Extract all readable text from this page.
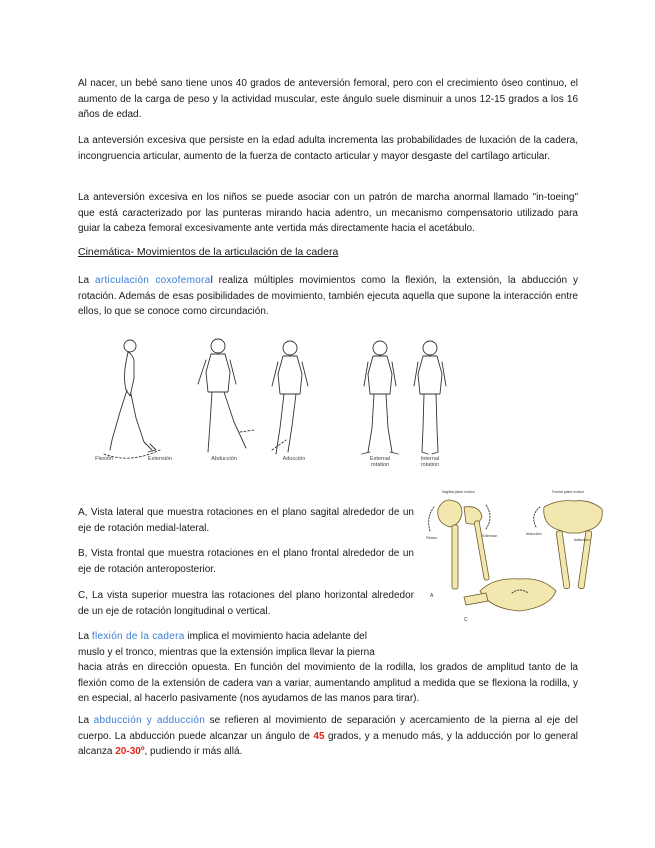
Al nacer, un bebé sano tiene unos 40 grados de anteversión femoral, pero con el crecimiento óseo continuo, el aumento de la carga de peso y la actividad muscular, este ángulo suele disminuir a unos 12-15 grados a los 16 años de edad.

La anteversión excesiva que persiste en la edad adulta incrementa las probabilidades de luxación de la cadera, incongruencia articular, aumento de la fuerza de contacto articular y mayor desgaste del cartílago articular.

La anteversión excesiva en los niños se puede asociar con un patrón de marcha anormal llamado "in-toeing" que está caracterizado por las punteras mirando hacia adentro, un mecanismo compensatorio utilizado para guiar la cabeza femoral excesivamente ante vertida más directamente hacia el acetábulo.

Cinemática- Movimientos de la articulación de la cadera

La articulación coxofemoral realiza múltiples movimientos como la flexión, la extensión, la abducción y rotación. Además de esas posibilidades de movimiento, también ejecuta aquella que supone la interacción entre ellos, lo que se conoce como circundación.

Flexión	Extensión	Abducción	Aducción	External
rotation
Internal
rotation

A, Vista lateral que muestra rotaciones en el plano sagital alrededor de un eje de rotación medial-lateral.

B, Vista frontal que muestra rotaciones en el plano frontal alrededor de un eje de rotación anteroposterior.

C, La vista superior muestra las rotaciones del plano horizontal alrededor de un eje de rotación longitudinal o vertical.

Sagittal plane motion
Flexion	Extension
A
Frontal plane motion
Abduction
Adduction
C

La flexión de la cadera implica el movimiento hacia adelante del
muslo y el tronco, mientras que la extensión implica llevar la pierna
hacia atrás en dirección opuesta. En función del movimiento de la rodilla, los grados de amplitud tanto de la flexión como de la extensión de cadera van a variar, aumentando amplitud a medida que se flexiona la rodilla, y en especial, al hacerlo pasivamente (nos ayudamos de las manos para tirar).

La abducción y adducción se refieren al movimiento de separación y acercamiento de la pierna al eje del cuerpo. La abducción puede alcanzar un ángulo de 45 grados, y a menudo más, y la adducción por lo general alcanza 20-30º, pudiendo ir más allá.
